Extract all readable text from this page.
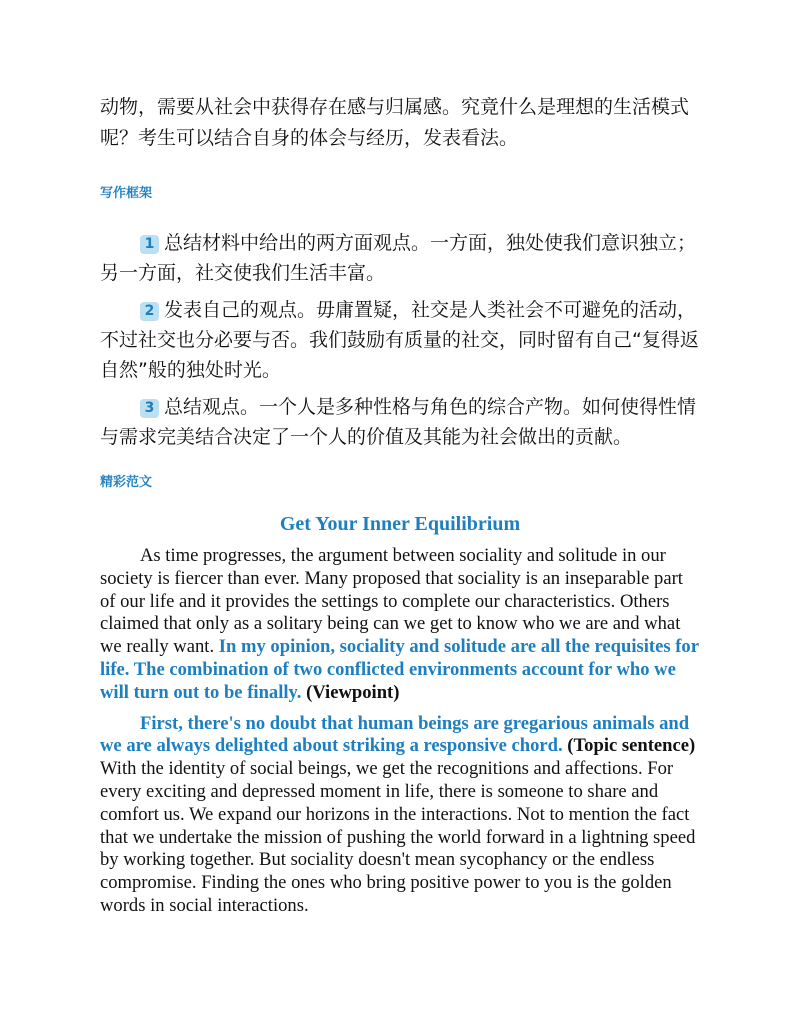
动物，需要从社会中获得存在感与归属感。究竟什么是理想的生活模式呢？考生可以结合自身的体会与经历，发表看法。
写作框架

1 总结材料中给出的两方面观点。一方面，独处使我们意识独立；另一方面，社交使我们生活丰富。

2 发表自己的观点。毋庸置疑，社交是人类社会不可避免的活动，不过社交也分必要与否。我们鼓励有质量的社交，同时留有自己“复得返自然”般的独处时光。

3 总结观点。一个人是多种性格与角色的综合产物。如何使得性情与需求完美结合决定了一个人的价值及其能为社会做出的贡献。

精彩范文
Get Your Inner Equilibrium

As time progresses, the argument between sociality and solitude in our society is fiercer than ever. Many proposed that sociality is an inseparable part of our life and it provides the settings to complete our characteristics. Others claimed that only as a solitary being can we get to know who we are and what we really want. In my opinion, sociality and solitude are all the requisites for life. The combination of two conflicted environments account for who we will turn out to be finally. (Viewpoint)

First, there's no doubt that human beings are gregarious animals and we are always delighted about striking a responsive chord. (Topic sentence) With the identity of social beings, we get the recognitions and affections. For every exciting and depressed moment in life, there is someone to share and comfort us. We expand our horizons in the interactions. Not to mention the fact that we undertake the mission of pushing the world forward in a lightning speed by working together. But sociality doesn't mean sycophancy or the endless compromise. Finding the ones who bring positive power to you is the golden words in social interactions.
